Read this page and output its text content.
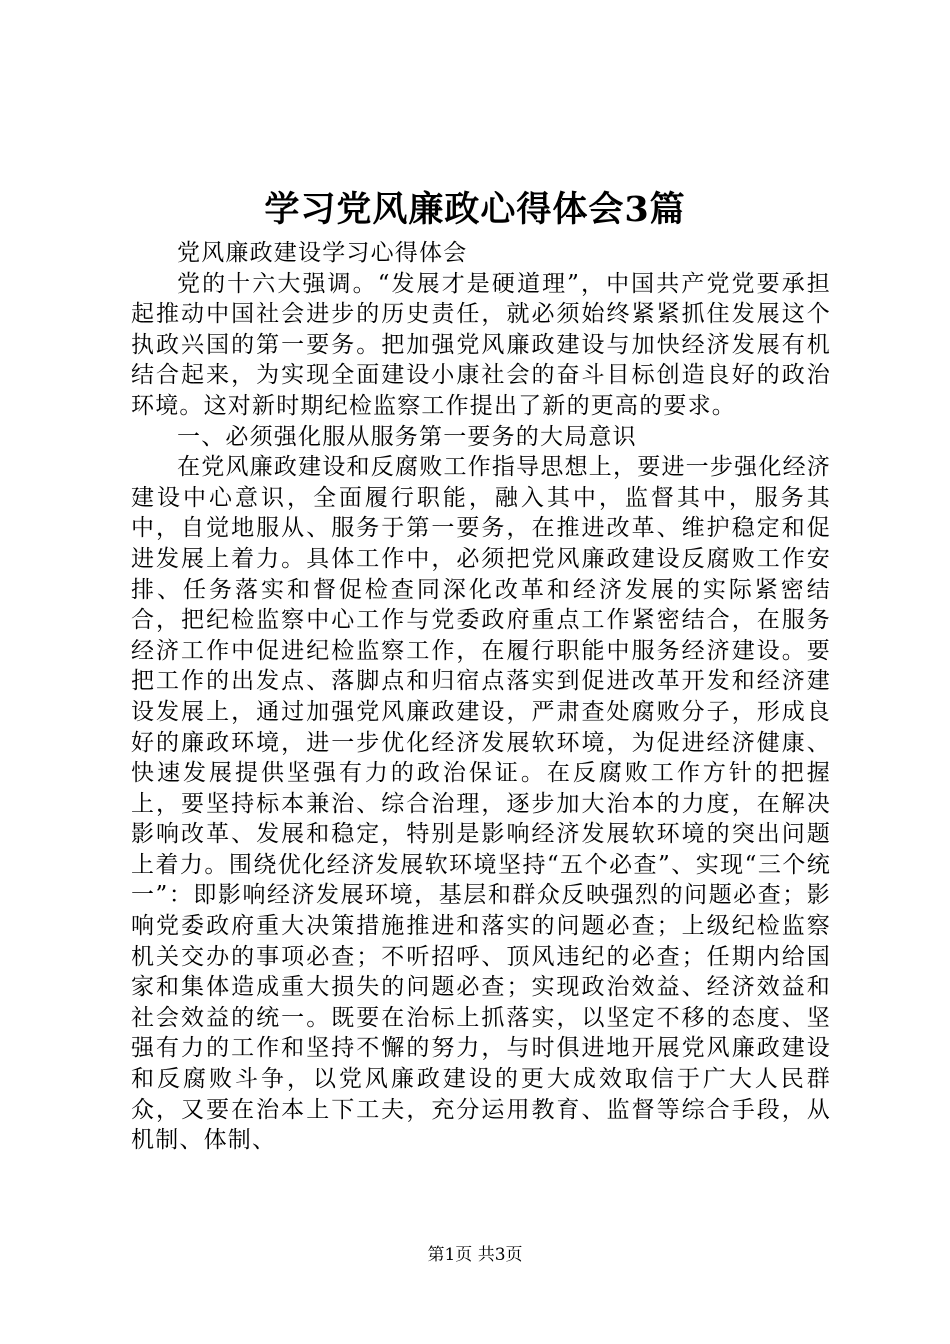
学习党风廉政心得体会3篇

党风廉政建设学习心得体会

党的十六大强调。“发展才是硬道理”，中国共产党党要承担起推动中国社会进步的历史责任，就必须始终紧紧抓住发展这个执政兴国的第一要务。把加强党风廉政建设与加快经济发展有机结合起来，为实现全面建设小康社会的奋斗目标创造良好的政治环境。这对新时期纪检监察工作提出了新的更高的要求。

一、必须强化服从服务第一要务的大局意识

在党风廉政建设和反腐败工作指导思想上，要进一步强化经济建设中心意识，全面履行职能，融入其中，监督其中，服务其中，自觉地服从、服务于第一要务，在推进改革、维护稳定和促进发展上着力。具体工作中，必须把党风廉政建设反腐败工作安排、任务落实和督促检查同深化改革和经济发展的实际紧密结合，把纪检监察中心工作与党委政府重点工作紧密结合，在服务经济工作中促进纪检监察工作，在履行职能中服务经济建设。要把工作的出发点、落脚点和归宿点落实到促进改革开发和经济建设发展上，通过加强党风廉政建设，严肃查处腐败分子，形成良好的廉政环境，进一步优化经济发展软环境，为促进经济健康、快速发展提供坚强有力的政治保证。在反腐败工作方针的把握上，要坚持标本兼治、综合治理，逐步加大治本的力度，在解决影响改革、发展和稳定，特别是影响经济发展软环境的突出问题上着力。围绕优化经济发展软环境坚持“五个必查”、实现“三个统一”：即影响经济发展环境，基层和群众反映强烈的问题必查；影响党委政府重大决策措施推进和落实的问题必查；上级纪检监察机关交办的事项必查；不听招呼、顶风违纪的必查；任期内给国家和集体造成重大损失的问题必查；实现政治效益、经济效益和社会效益的统一。既要在治标上抓落实，以坚定不移的态度、坚强有力的工作和坚持不懈的努力，与时俱进地开展党风廉政建设和反腐败斗争，以党风廉政建设的更大成效取信于广大人民群众，又要在治本上下工夫，充分运用教育、监督等综合手段，从机制、体制、

第1页 共3页
